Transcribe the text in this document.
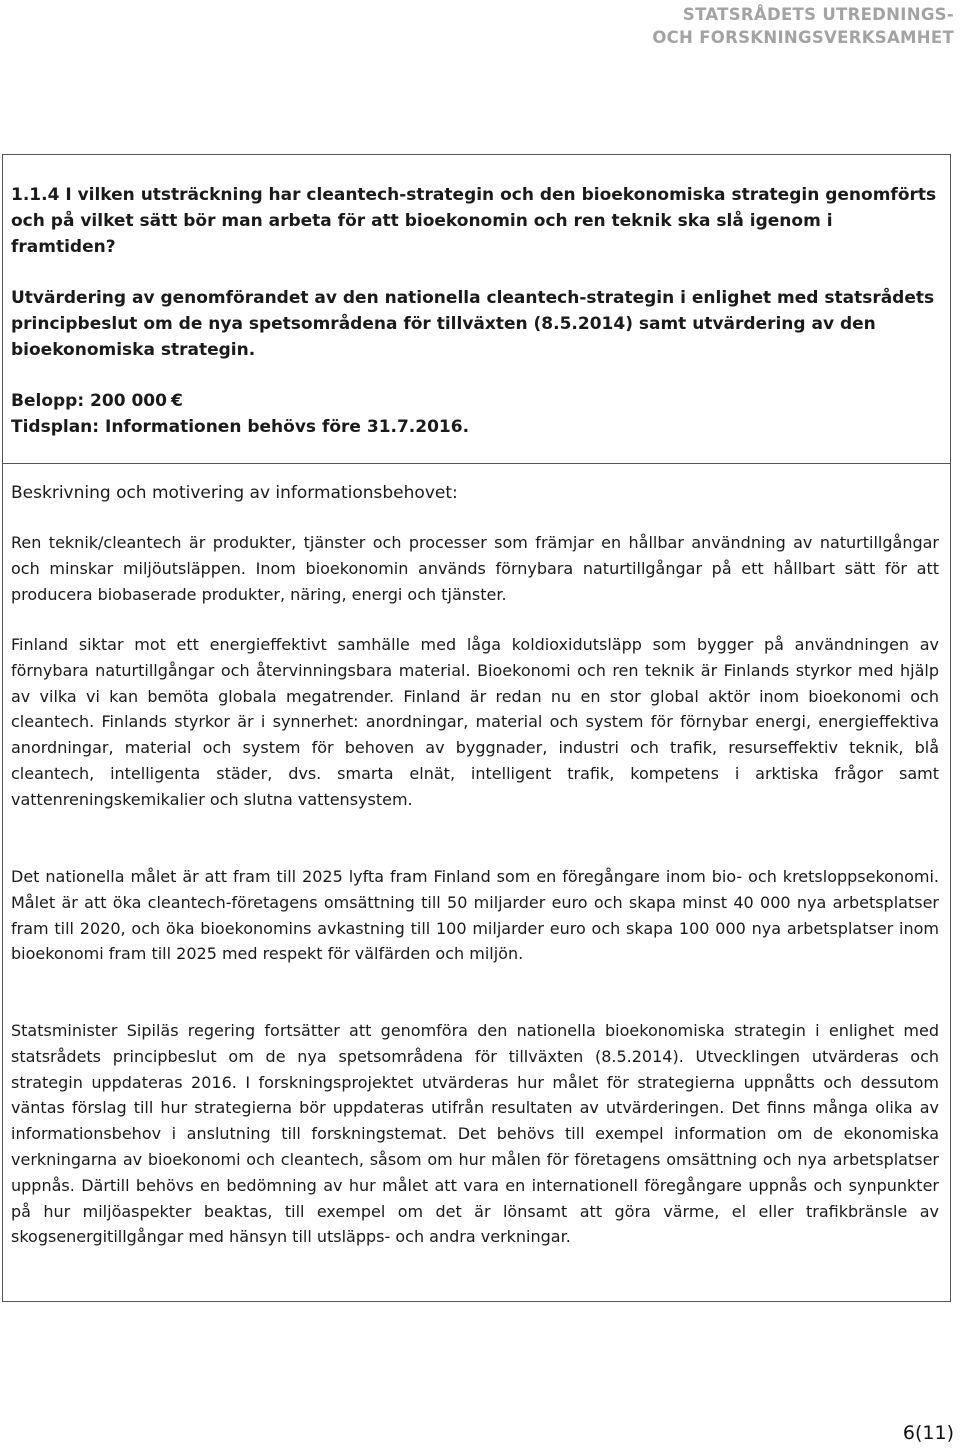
STATSRÅDETS UTREDNINGS-
OCH FORSKNINGSVERKSAMHET
1.1.4 I vilken utsträckning har cleantech-strategin och den bioekonomiska strategin genomförts och på vilket sätt bör man arbeta för att bioekonomin och ren teknik ska slå igenom i framtiden?

Utvärdering av genomförandet av den nationella cleantech-strategin i enlighet med statsrådets principbeslut om de nya spetsområdena för tillväxten (8.5.2014) samt utvärdering av den bioekonomiska strategin.

Belopp: 200 000 €
Tidsplan: Informationen behövs före 31.7.2016.
Beskrivning och motivering av informationsbehovet:

Ren teknik/cleantech är produkter, tjänster och processer som främjar en hållbar användning av naturtillgångar och minskar miljöutsläppen. Inom bioekonomin används förnybara naturtillgångar på ett hållbart sätt för att producera biobaserade produkter, näring, energi och tjänster.

Finland siktar mot ett energieffektivt samhälle med låga koldioxidutsläpp som bygger på användningen av förnybara naturtillgångar och återvinningsbara material. Bioekonomi och ren teknik är Finlands styrkor med hjälp av vilka vi kan bemöta globala megatrender. Finland är redan nu en stor global aktör inom bioekonomi och cleantech. Finlands styrkor är i synnerhet: anordningar, material och system för förnybar energi, energieffektiva anordningar, material och system för behoven av byggnader, industri och trafik, resurseffektiv teknik, blå cleantech, intelligenta städer, dvs. smarta elnät, intelligent trafik, kompetens i arktiska frågor samt vattenreningskemikalier och slutna vattensystem.

Det nationella målet är att fram till 2025 lyfta fram Finland som en föregångare inom bio- och kretsloppsekonomi. Målet är att öka cleantech-företagens omsättning till 50 miljarder euro och skapa minst 40 000 nya arbetsplatser fram till 2020, och öka bioekonomins avkastning till 100 miljarder euro och skapa 100 000 nya arbetsplatser inom bioekonomi fram till 2025 med respekt för välfärden och miljön.

Statsminister Sipiläs regering fortsätter att genomföra den nationella bioekonomiska strategin i enlighet med statsrådets principbeslut om de nya spetsområdena för tillväxten (8.5.2014). Utvecklingen utvärderas och strategin uppdateras 2016. I forskningsprojektet utvärderas hur målet för strategierna uppnåtts och dessutom väntas förslag till hur strategierna bör uppdateras utifrån resultaten av utvärderingen. Det finns många olika av informationsbehov i anslutning till forskningstemat. Det behövs till exempel information om de ekonomiska verkningarna av bioekonomi och cleantech, såsom om hur målen för företagens omsättning och nya arbetsplatser uppnås. Därtill behövs en bedömning av hur målet att vara en internationell föregångare uppnås och synpunkter på hur miljöaspekter beaktas, till exempel om det är lönsamt att göra värme, el eller trafikbränsle av skogsenergitillgångar med hänsyn till utsläpps- och andra verkningar.

6(11)
